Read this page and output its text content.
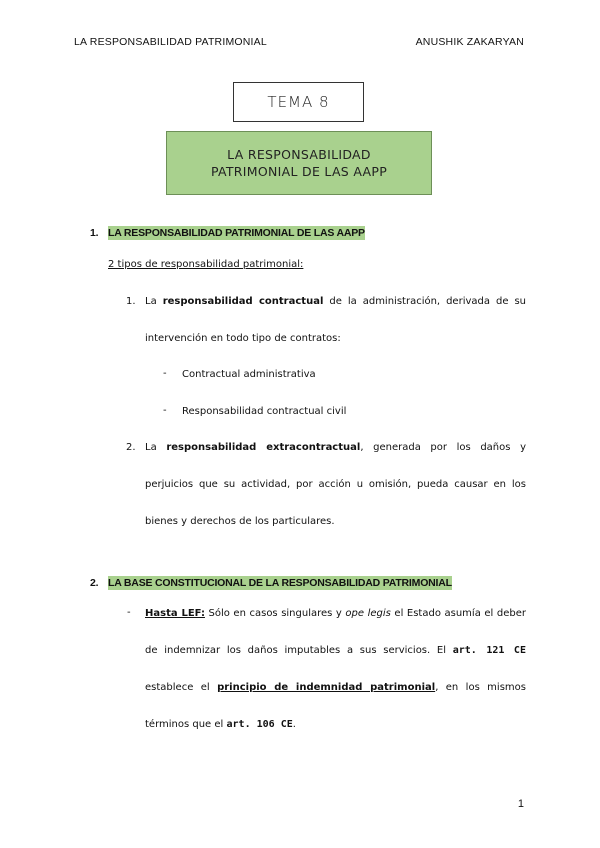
LA RESPONSABILIDAD PATRIMONIAL	ANUSHIK ZAKARYAN
TEMA 8
LA RESPONSABILIDAD
PATRIMONIAL DE LAS AAPP
1. LA RESPONSABILIDAD PATRIMONIAL DE LAS AAPP
2 tipos de responsabilidad patrimonial:
1. La responsabilidad contractual de la administración, derivada de su
intervención en todo tipo de contratos:
- Contractual administrativa
- Responsabilidad contractual civil
2. La responsabilidad extracontractual, generada por los daños y
perjuicios que su actividad, por acción u omisión, pueda causar en los
bienes y derechos de los particulares.
2. LA BASE CONSTITUCIONAL DE LA RESPONSABILIDAD PATRIMONIAL
- Hasta LEF: Sólo en casos singulares y ope legis el Estado asumía el deber
de indemnizar los daños imputables a sus servicios. El art. 121 CE
establece el principio de indemnidad patrimonial, en los mismos
términos que el art. 106 CE.
1
